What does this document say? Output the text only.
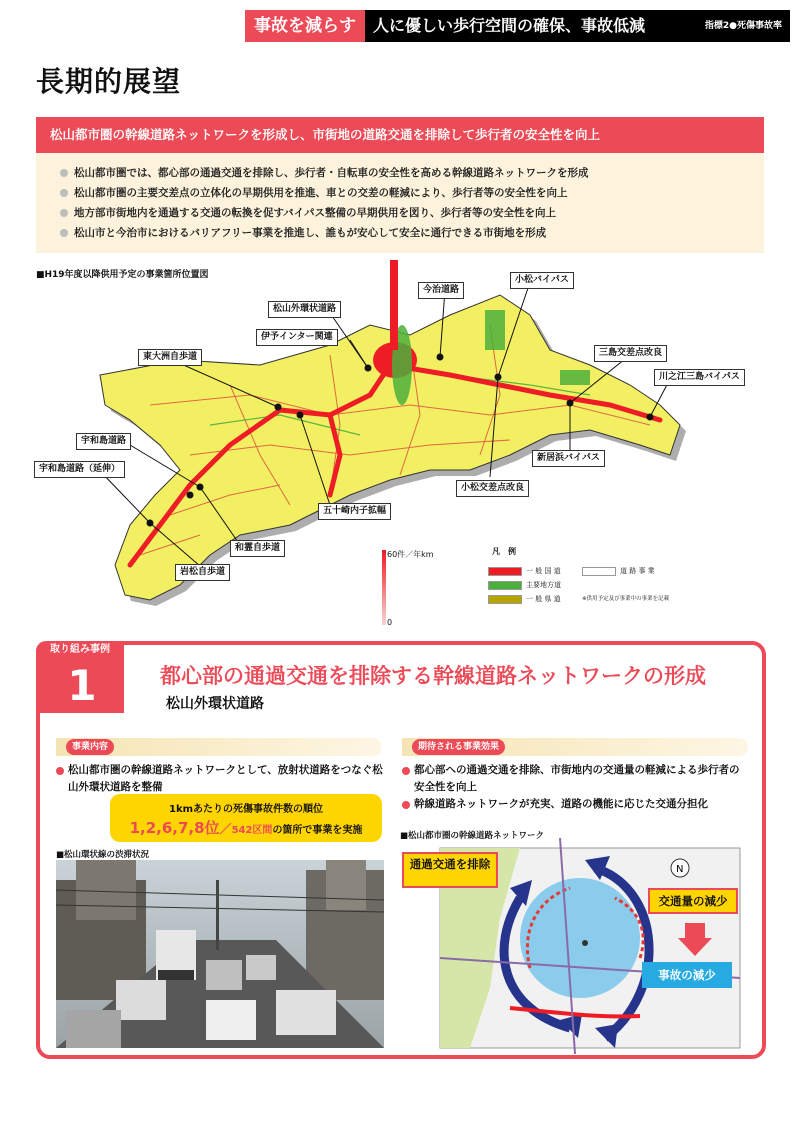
事故を減らす	人に優しい歩行空間の確保、事故低減	指標2●死傷事故率
長期的展望
松山都市圏の幹線道路ネットワークを形成し、市街地の道路交通を排除して歩行者の安全性を向上
松山都市圏では、都心部の通過交通を排除し、歩行者・自転車の安全性を高める幹線道路ネットワークを形成
松山都市圏の主要交差点の立体化の早期供用を推進、車との交差の軽減により、歩行者等の安全性を向上
地方部市街地内を通過する交通の転換を促すバイパス整備の早期供用を図り、歩行者等の安全性を向上
松山市と今治市におけるバリアフリー事業を推進し、誰もが安心して安全に通行できる市街地を形成
松山外環状道路
今治道路
小松バイパス
伊予インター関連
東大洲自歩道	三島交差点改良
川之江三島バイパス
宇和島道路
宇和島道路（延伸）
新居浜バイパス
小松交差点改良
五十崎内子拡幅
和霊自歩道
岩松自歩道
■H19年度以降供用予定の事業箇所位置図
60件／年km
0
凡　例
一 般 国 道
主要地方道
一 般 県 道
道 路 事 業
※供用予定及び事業中の事業を記載
取り組み事例
1	都心部の通過交通を排除する幹線道路ネットワークの形成
松山外環状道路
事業内容
松山都市圏の幹線道路ネットワークとして、放射状道路をつなぐ松山外環状道路を整備
1kmあたりの死傷事故件数の順位
1,2,6,7,8位／542区間の箇所で事業を実施
■松山環状線の渋滞状況
期待される事業効果
都心部への通過交通を排除、市街地内の交通量の軽減による歩行者の安全性を向上
幹線道路ネットワークが充実、道路の機能に応じた交通分担化
■松山都市圏の幹線道路ネットワーク
N
通過交通を排除
交通量の減少
事故の減少
